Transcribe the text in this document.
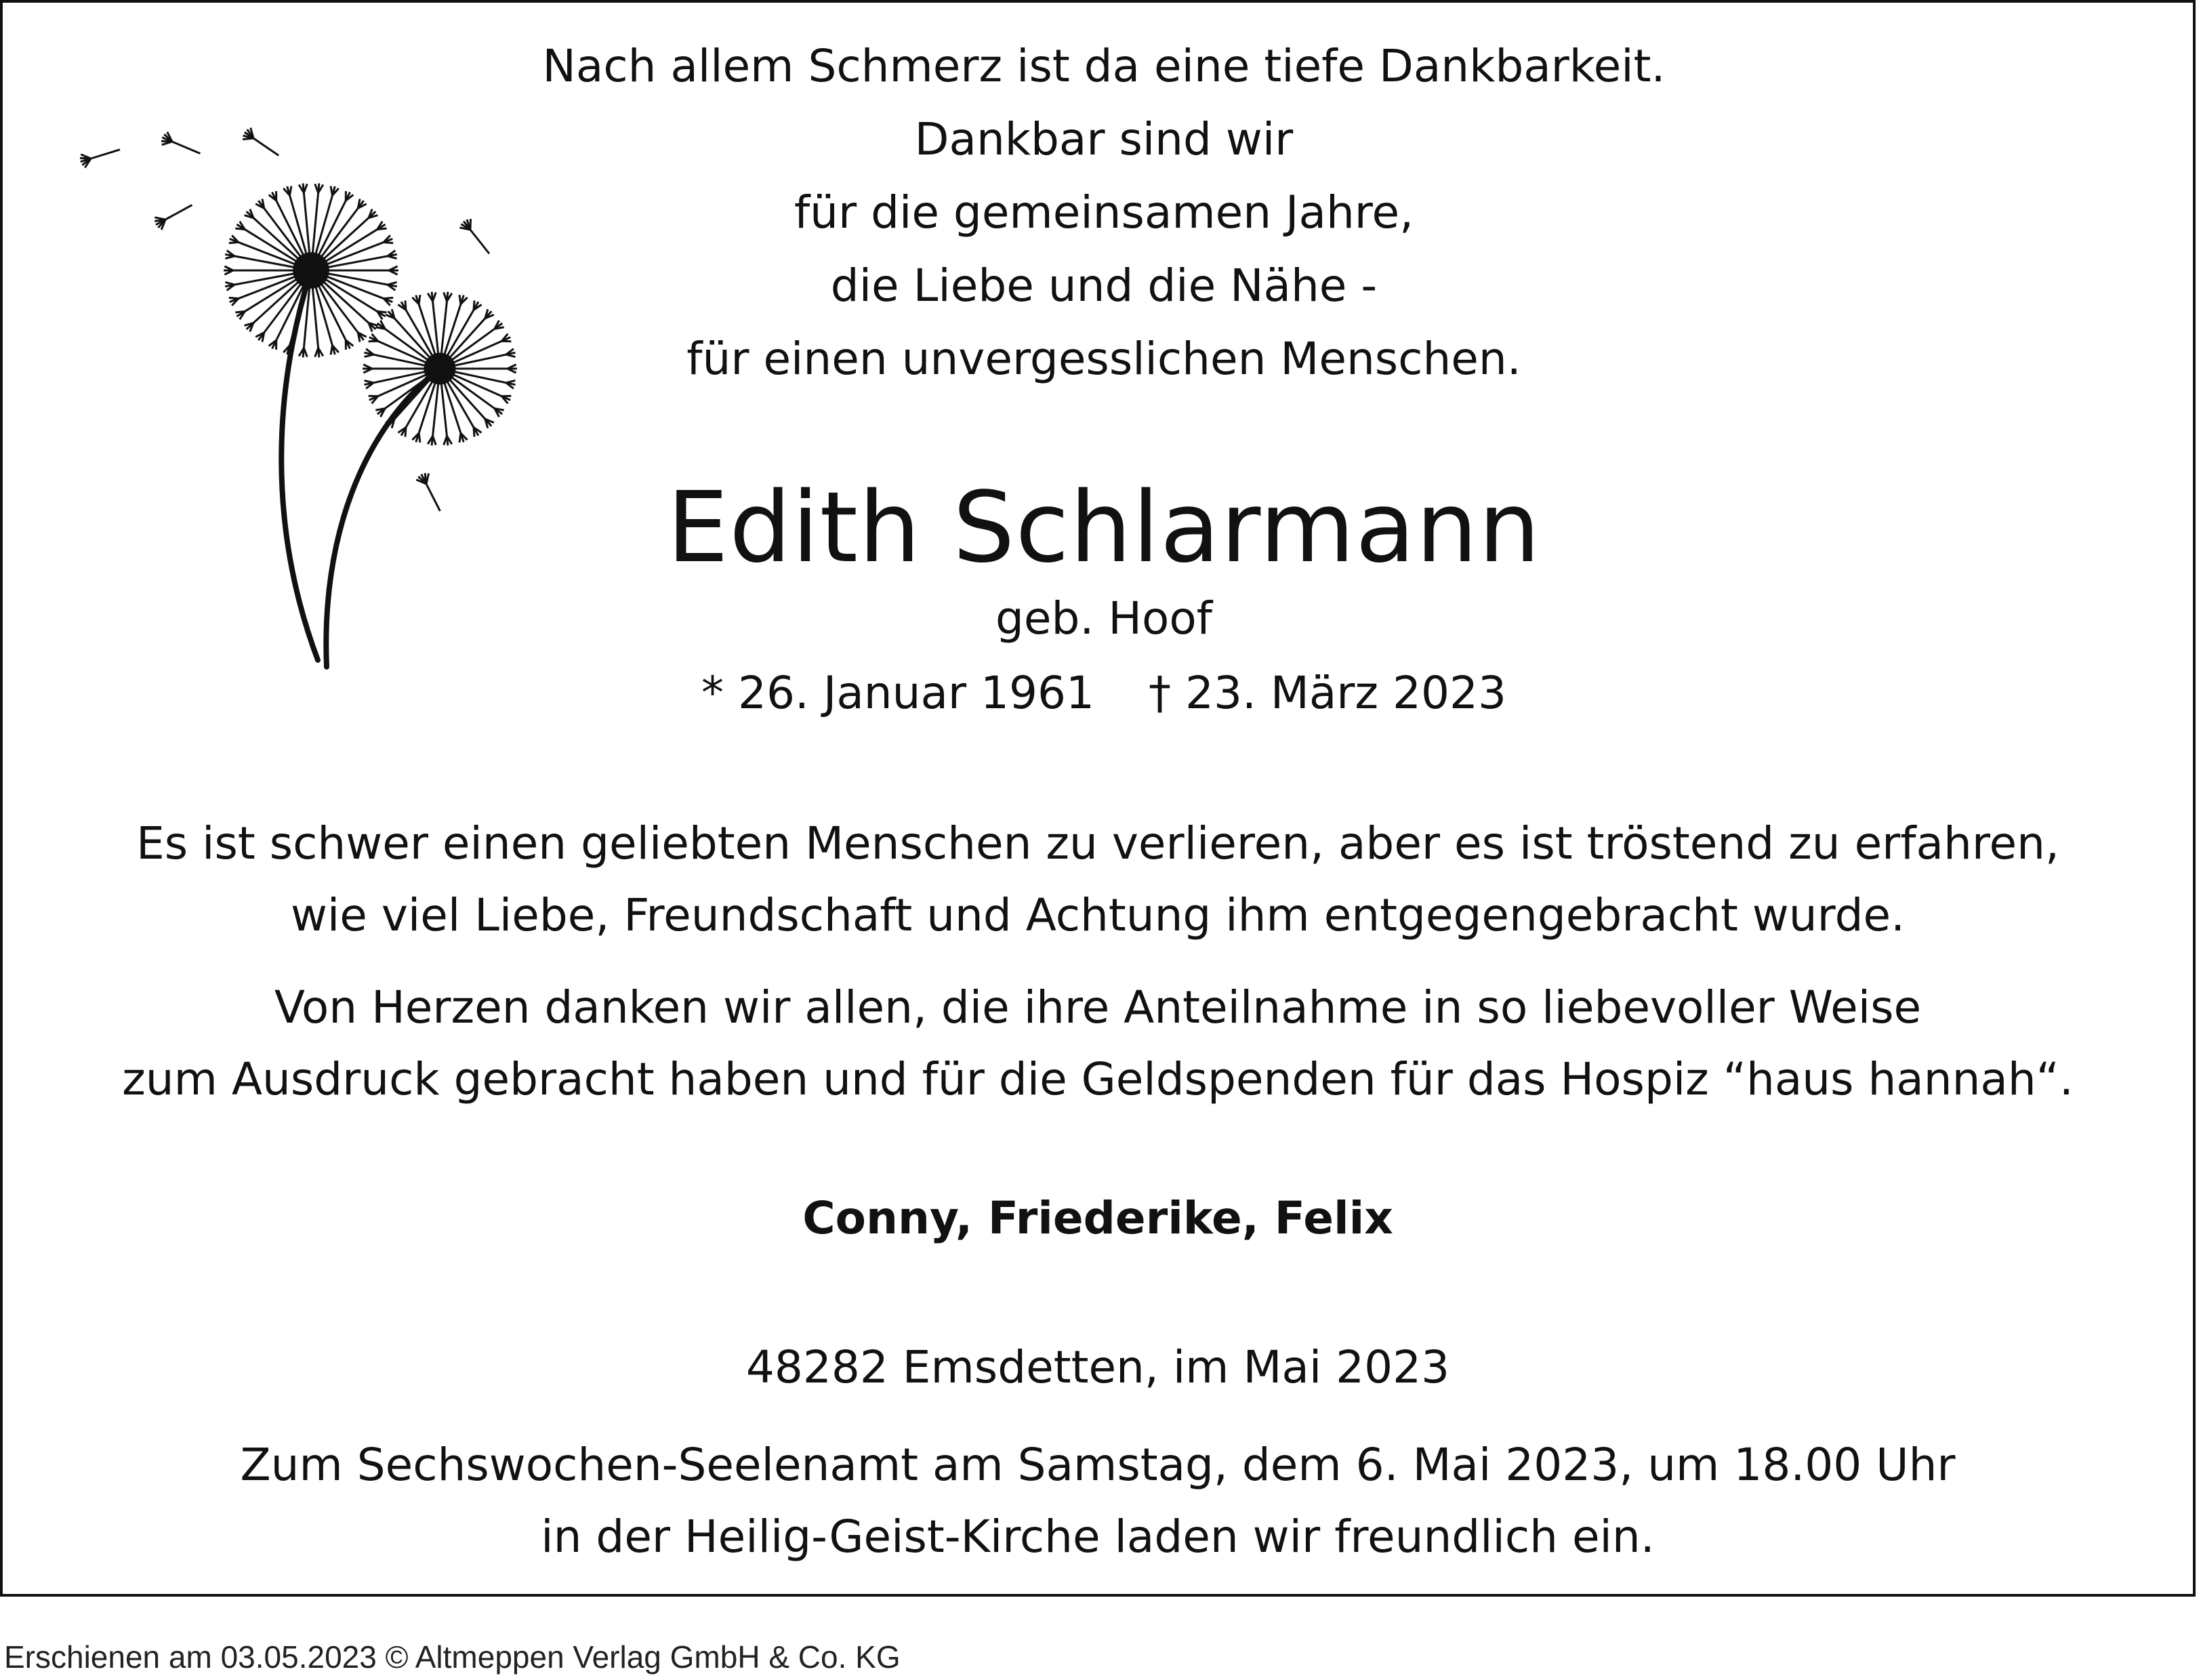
Nach allem Schmerz ist da eine tiefe Dankbarkeit.
Dankbar sind wir
für die gemeinsamen Jahre,
die Liebe und die Nähe -
für einen unvergesslichen Menschen.
Edith Schlarmann
geb. Hoof
* 26. Januar 1961 † 23. März 2023
Es ist schwer einen geliebten Menschen zu verlieren, aber es ist tröstend zu erfahren,
wie viel Liebe, Freundschaft und Achtung ihm entgegengebracht wurde.
Von Herzen danken wir allen, die ihre Anteilnahme in so liebevoller Weise
zum Ausdruck gebracht haben und für die Geldspenden für das Hospiz “haus hannah“.
Conny, Friederike, Felix
48282 Emsdetten, im Mai 2023
Zum Sechswochen-Seelenamt am Samstag, dem 6. Mai 2023, um 18.00 Uhr
in der Heilig-Geist-Kirche laden wir freundlich ein.
Erschienen am 03.05.2023 © Altmeppen Verlag GmbH & Co. KG
